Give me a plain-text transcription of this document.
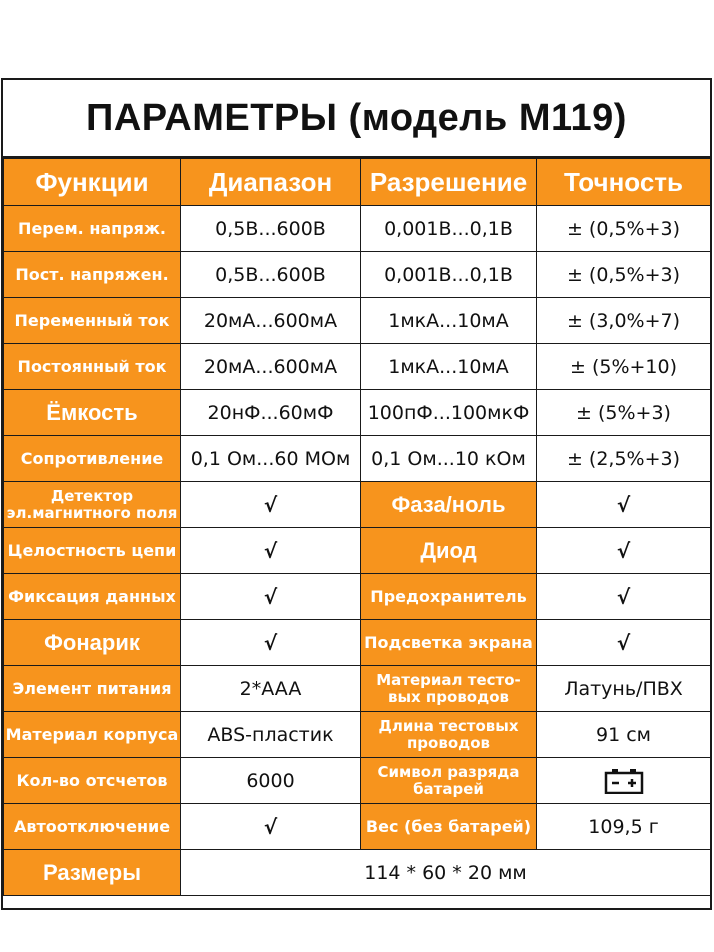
ПАРАМЕТРЫ (модель M119)
Функции	Диапазон	Разрешение	Точность
Перем. напряж.	0,5В...600В	0,001В...0,1В	± (0,5%+3)
Пост. напряжен.	0,5В...600В	0,001В...0,1В	± (0,5%+3)
Переменный ток	20мА...600мА	1мкА...10мА	± (3,0%+7)
Постоянный ток	20мА...600мА	1мкА...10мА	± (5%+10)
Ёмкость	20нФ...60мФ	100пФ...100мкФ	± (5%+3)
Сопротивление	0,1 Ом...60 МОм	0,1 Ом...10 кОм	± (2,5%+3)
Детектор эл.магнитного поля	√	Фаза/ноль	√
Целостность цепи	√	Диод	√
Фиксация данных	√	Предохранитель	√
Фонарик	√	Подсветка экрана	√
Элемент питания	2*AAA	Материал тесто-вых проводов	Латунь/ПВХ
Материал корпуса	ABS-пластик	Длина тестовых проводов	91 см
Кол-во отсчетов	6000	Символ разряда батарей	
Автоотключение	√	Вес (без батарей)	109,5 г
Размеры	114 * 60 * 20 мм		
